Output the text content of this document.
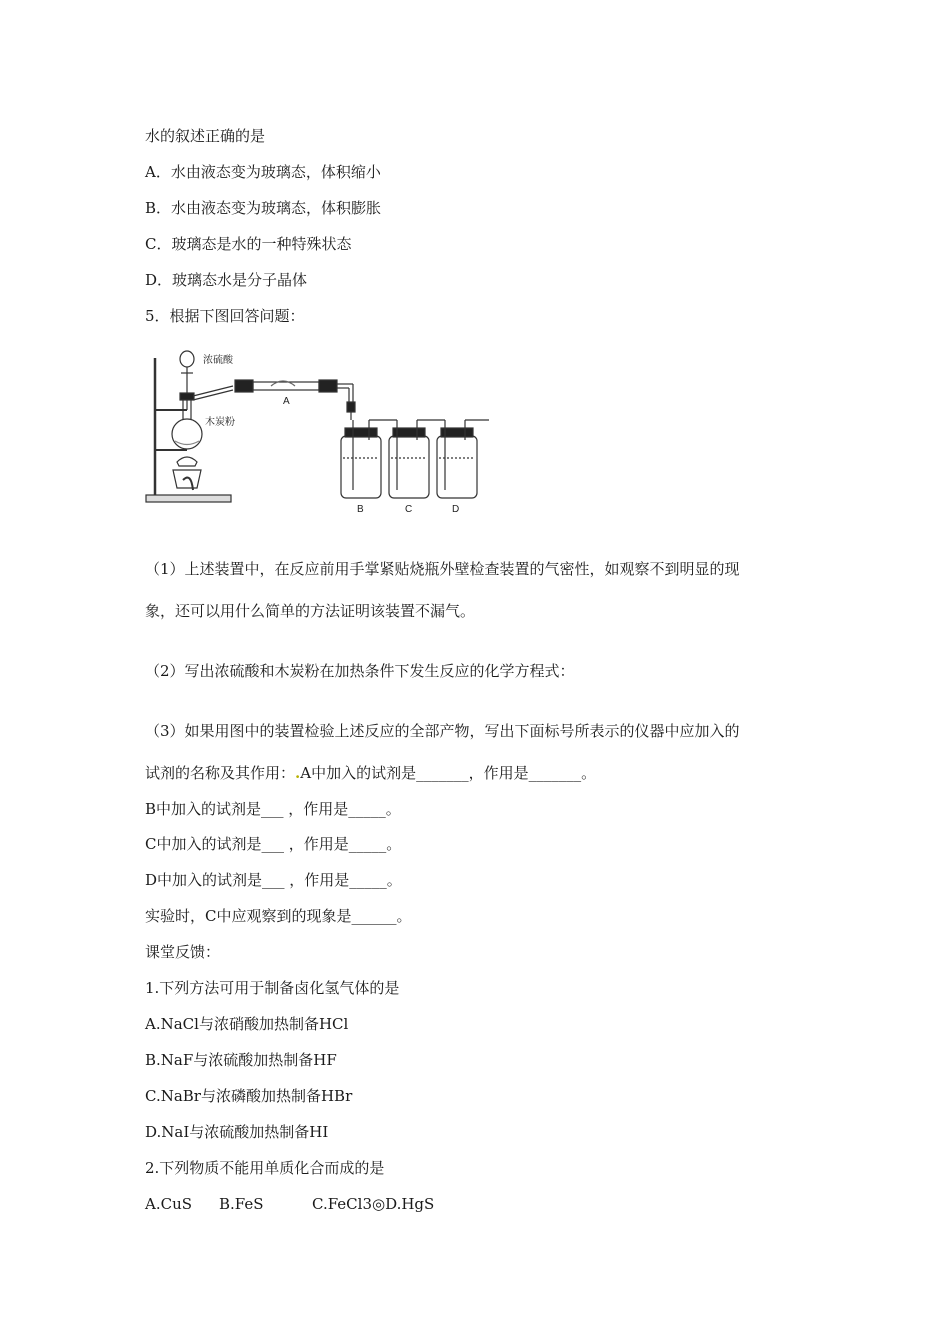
水的叙述正确的是
A．水由液态变为玻璃态，体积缩小
B．水由液态变为玻璃态，体积膨胀
C．玻璃态是水的一种特殊状态
D．玻璃态水是分子晶体
5．根据下图回答问题：
浓硫酸
木炭粉
A
B	C	D
（1）上述装置中，在反应前用手掌紧贴烧瓶外壁检查装置的气密性，如观察不到明显的现
象，还可以用什么简单的方法证明该装置不漏气。
（2）写出浓硫酸和木炭粉在加热条件下发生反应的化学方程式：
（3）如果用图中的装置检验上述反应的全部产物，写出下面标号所表示的仪器中应加入的
试剂的名称及其作用：.A中加入的试剂是_______，作用是_______。
B中加入的试剂是___ ，作用是_____。
C中加入的试剂是___ ，作用是_____。
D中加入的试剂是___ ，作用是_____。
实验时，C中应观察到的现象是______。
课堂反馈：
1.下列方法可用于制备卤化氢气体的是
A.NaCl与浓硝酸加热制备HCl
B.NaF与浓硫酸加热制备HF
C.NaBr与浓磷酸加热制备HBr
D.NaI与浓硫酸加热制备HI
2.下列物质不能用单质化合而成的是
A.CuS B.FeS	C.FeCl3◎D.HgS
